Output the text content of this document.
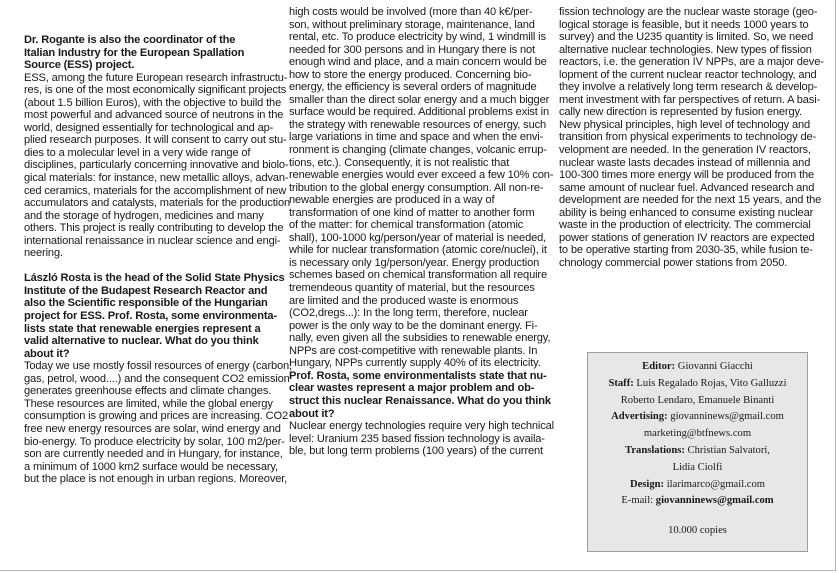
Dr. Rogante is also the coordinator of the

Italian Industry for the European Spallation

Source (ESS) project.

ESS, among the future European research infrastructu-

res, is one of the most economically significant projects

(about 1.5 billion Euros), with the objective to build the

most powerful and advanced source of neutrons in the

world, designed essentially for technological and ap-

plied research purposes. It will consent to carry out stu-

dies to a molecular level in a very wide range of

disciplines, particularly concerning innovative and biolo-

gical materials: for instance, new metallic alloys, advan-

ced ceramics, materials for the accomplishment of new

accumulators and catalysts, materials for the production

and the storage of hydrogen, medicines and many

others. This project is really contributing to develop the

international renaissance in nuclear science and engi-

neering.

László Rosta is the head of the Solid State Physics

Institute of the Budapest Research Reactor and

also the Scientific responsible of the Hungarian

project for ESS. Prof. Rosta, some environmenta-

lists state that renewable energies represent a

valid alternative to nuclear. What do you think

about it?

Today we use mostly fossil resources of energy (carbon,

gas, petrol, wood....) and the consequent CO2 emission

generates greenhouse effects and climate changes.

These resources are limited, while the global energy

consumption is growing and prices are increasing. CO2

free new energy resources are solar, wind energy and

bio-energy. To produce electricity by solar, 100 m2/per-

son are currently needed and in Hungary, for instance,

a minimum of 1000 km2 surface would be necessary,

but the place is not enough in urban regions. Moreover,

high costs would be involved (more than 40 k€/per-

son, without preliminary storage, maintenance, land

rental, etc. To produce electricity by wind, 1 windmill is

needed for 300 persons and in Hungary there is not

enough wind and place, and a main concern would be

how to store the energy produced. Concerning bio-

energy, the efficiency is several orders of magnitude

smaller than the direct solar energy and a much bigger

surface would be required. Additional problems exist in

the strategy with renewable resources of energy, such

large variations in time and space and when the envi-

ronment is changing (climate changes, volcanic errup-

tions, etc.). Consequently, it is not realistic that

renewable energies would ever exceed a few 10% con-

tribution to the global energy consumption. All non-re-

newable energies are produced in a way of

transformation of one kind of matter to another form

of the matter: for chemical transformation (atomic

shall), 100-1000 kg/person/year of material is needed,

while for nuclear transformation (atomic core/nuclei), it

is necessary only 1g/person/year. Energy production

schemes based on chemical transformation all require

tremendeous quantity of material, but the resources

are limited and the produced waste is enormous

(CO2,dregs...): In the long term, therefore, nuclear

power is the only way to be the dominant energy. Fi-

nally, even given all the subsidies to renewable energy,

NPPs are cost-competitive with renewable plants. In

Hungary, NPPs currently supply 40% of its electricity.

Prof. Rosta, some environmentalists state that nu-

clear wastes represent a major problem and ob-

struct this nuclear Renaissance. What do you think

about it?

Nuclear energy technologies require very high technical

level: Uranium 235 based fission technology is availa-

ble, but long term problems (100 years) of the current

fission technology are the nuclear waste storage (geo-

logical storage is feasible, but it needs 1000 years to

survey) and the U235 quantity is limited. So, we need

alternative nuclear technologies. New types of fission

reactors, i.e. the generation IV NPPs, are a major deve-

lopment of the current nuclear reactor technology, and

they involve a relatively long term research & develop-

ment investment with far perspectives of return. A basi-

cally new direction is represented by fusion energy.

New physical principles, high level of technology and

transition from physical experiments to technology de-

velopment are needed. In the generation IV reactors,

nuclear waste lasts decades instead of millennia and

100-300 times more energy will be produced from the

same amount of nuclear fuel. Advanced research and

development are needed for the next 15 years, and the

ability is being enhanced to consume existing nuclear

waste in the production of electricity. The commercial

power stations of generation IV reactors are expected

to be operative starting from 2030-35, while fusion te-

chnology commercial power stations from 2050.

Editor: Giovanni Giacchi

Staff: Luis Regalado Rojas, Vito Galluzzi

Roberto Lendaro, Emanuele Binanti

Advertising: giovanninews@gmail.com

marketing@btfnews.com

Translations: Christian Salvatori,

Lidia Ciolfi

Design: ilarimarco@gmail.com

E-mail: giovanninews@gmail.com

10.000 copies
